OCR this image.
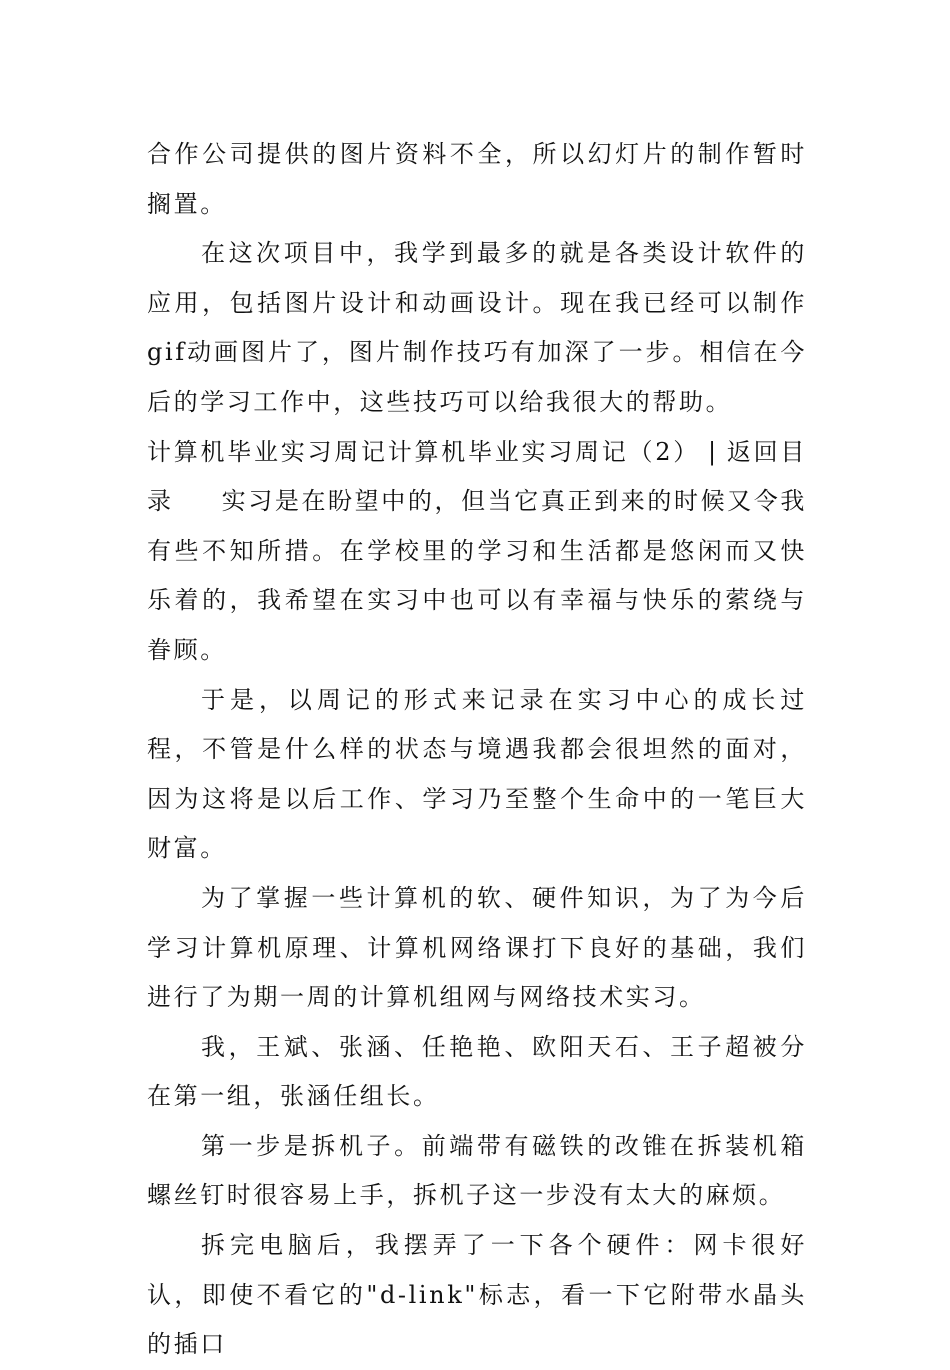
合作公司提供的图片资料不全，所以幻灯片的制作暂时搁置。

在这次项目中，我学到最多的就是各类设计软件的应用，包括图片设计和动画设计。现在我已经可以制作gif动画图片了，图片制作技巧有加深了一步。相信在今后的学习工作中，这些技巧可以给我很大的帮助。

计算机毕业实习周记计算机毕业实习周记（2） | 返回目录 实习是在盼望中的，但当它真正到来的时候又令我有些不知所措。在学校里的学习和生活都是悠闲而又快乐着的，我希望在实习中也可以有幸福与快乐的萦绕与眷顾。

于是，以周记的形式来记录在实习中心的成长过程，不管是什么样的状态与境遇我都会很坦然的面对，因为这将是以后工作、学习乃至整个生命中的一笔巨大财富。

为了掌握一些计算机的软、硬件知识，为了为今后学习计算机原理、计算机网络课打下良好的基础，我们进行了为期一周的计算机组网与网络技术实习。

我，王斌、张涵、任艳艳、欧阳天石、王子超被分在第一组，张涵任组长。

第一步是拆机子。前端带有磁铁的改锥在拆装机箱螺丝钉时很容易上手，拆机子这一步没有太大的麻烦。

拆完电脑后，我摆弄了一下各个硬件：网卡很好认，即使不看它的"d-link"标志，看一下它附带水晶头的插口
